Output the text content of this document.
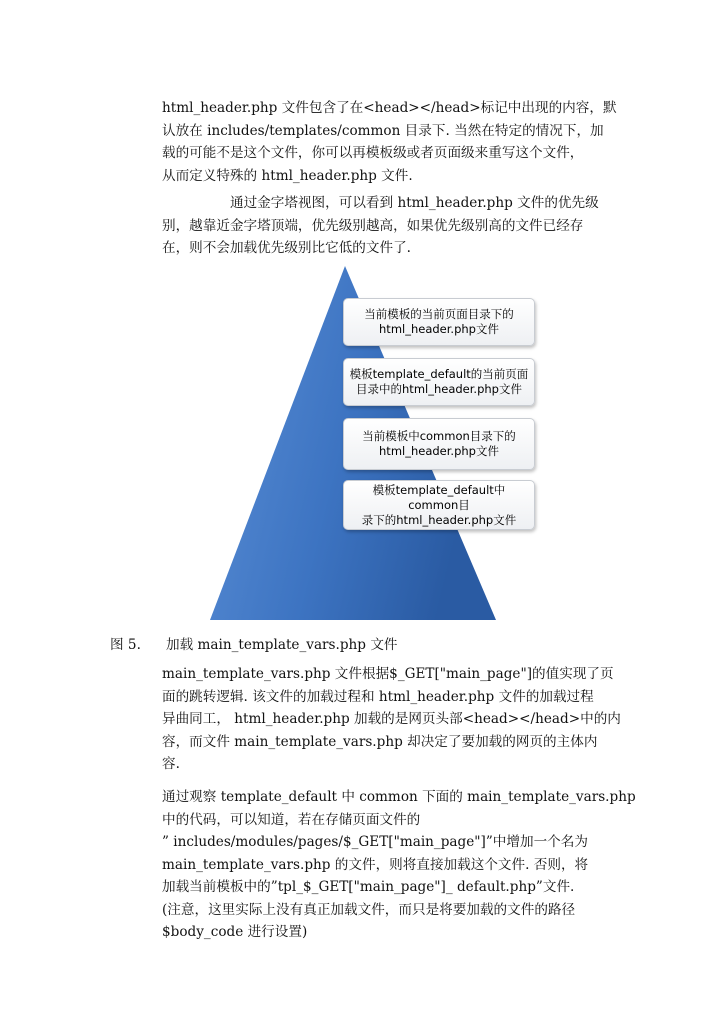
html_header.php 文件包含了在<head></head>标记中出现的内容，默
认放在 includes/templates/common 目录下. 当然在特定的情况下，加
载的可能不是这个文件，你可以再模板级或者页面级来重写这个文件，
从而定义特殊的 html_header.php 文件.
通过金字塔视图，可以看到 html_header.php 文件的优先级
别，越靠近金字塔顶端，优先级别越高，如果优先级别高的文件已经存
在，则不会加载优先级别比它低的文件了.
当前模板的当前页面目录下的
html_header.php文件
模板template_default的当前页面
目录中的html_header.php文件
当前模板中common目录下的
html_header.php文件
模板template_default中common目
录下的html_header.php文件
图 5. 加载 main_template_vars.php 文件
main_template_vars.php 文件根据$_GET["main_page"]的值实现了页
面的跳转逻辑. 该文件的加载过程和 html_header.php 文件的加载过程
异曲同工， html_header.php 加载的是网页头部<head></head>中的内
容，而文件 main_template_vars.php 却决定了要加载的网页的主体内
容.
通过观察 template_default 中 common 下面的 main_template_vars.php
中的代码，可以知道，若在存储页面文件的
” includes/modules/pages/$_GET["main_page"]”中增加一个名为
main_template_vars.php 的文件，则将直接加载这个文件. 否则，将
加载当前模板中的”tpl_$_GET["main_page"]_ default.php”文件.
(注意，这里实际上没有真正加载文件，而只是将要加载的文件的路径
$body_code 进行设置)
